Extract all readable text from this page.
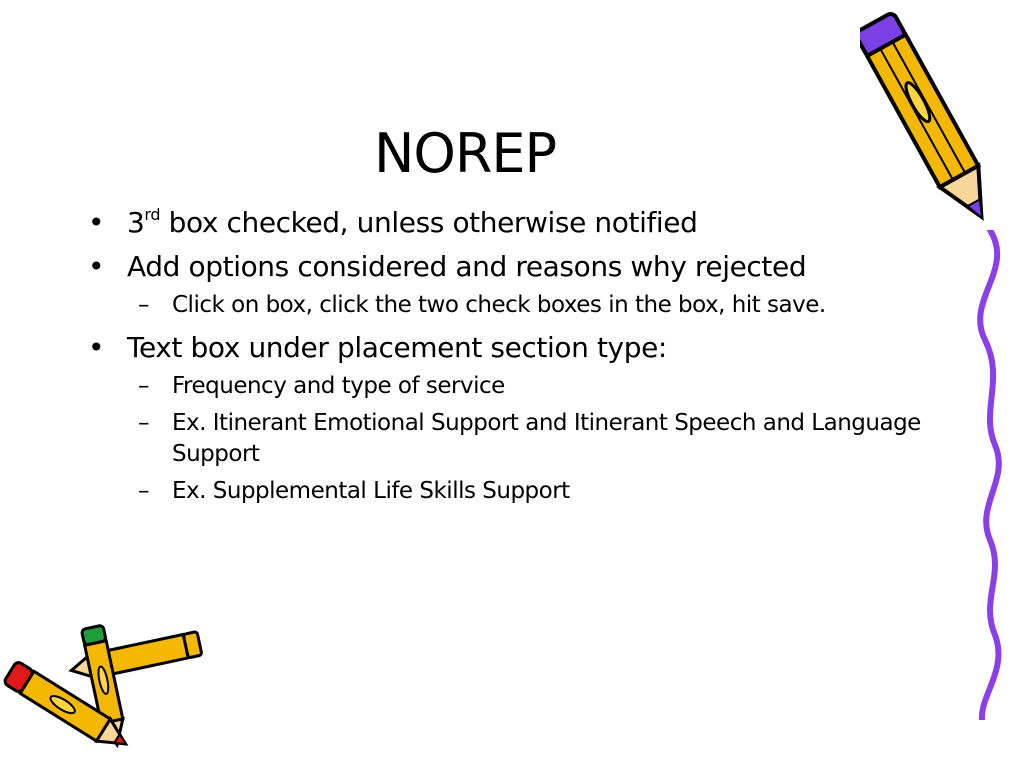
NOREP
• 3rd box checked, unless otherwise notified
• Add options considered and reasons why rejected
– Click on box, click the two check boxes in the box, hit save.
• Text box under placement section type:
– Frequency and type of service
– Ex. Itinerant Emotional Support and Itinerant Speech and Language Support
– Ex. Supplemental Life Skills Support
